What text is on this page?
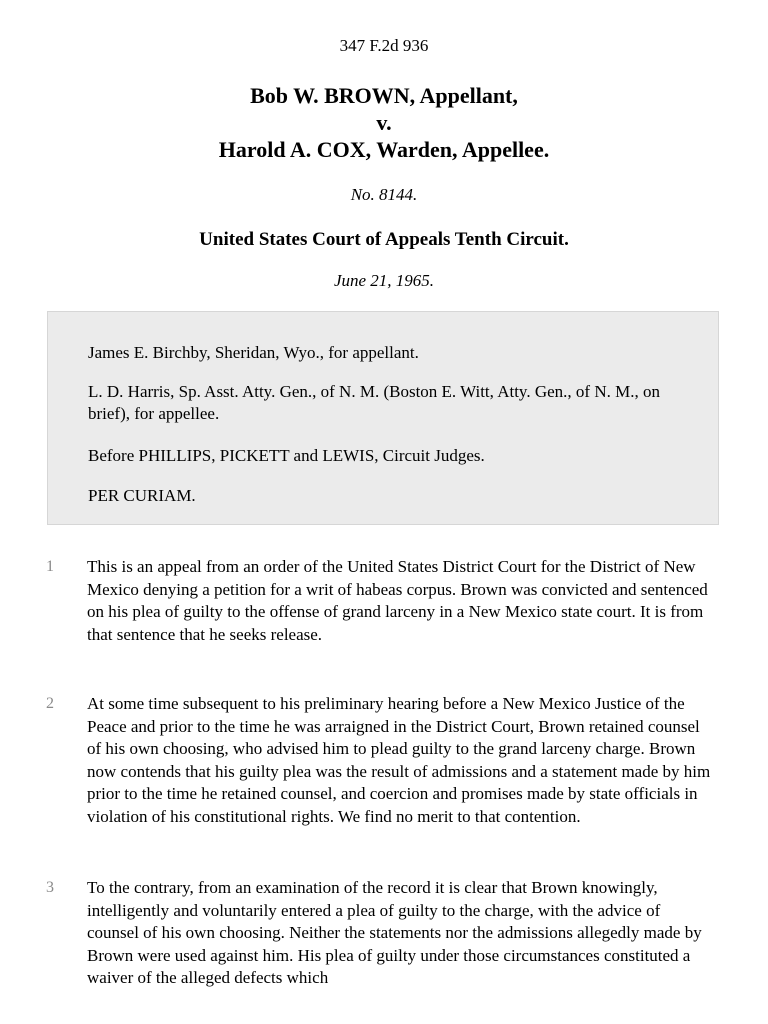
347 F.2d 936
Bob W. BROWN, Appellant,
v.
Harold A. COX, Warden, Appellee.
No. 8144.
United States Court of Appeals Tenth Circuit.
June 21, 1965.

James E. Birchby, Sheridan, Wyo., for appellant.

L. D. Harris, Sp. Asst. Atty. Gen., of N. M. (Boston E. Witt, Atty. Gen., of N. M., on brief), for appellee.

Before PHILLIPS, PICKETT and LEWIS, Circuit Judges.

PER CURIAM.

1 This is an appeal from an order of the United States District Court for the District of New Mexico denying a petition for a writ of habeas corpus. Brown was convicted and sentenced on his plea of guilty to the offense of grand larceny in a New Mexico state court. It is from that sentence that he seeks release.

2 At some time subsequent to his preliminary hearing before a New Mexico Justice of the Peace and prior to the time he was arraigned in the District Court, Brown retained counsel of his own choosing, who advised him to plead guilty to the grand larceny charge. Brown now contends that his guilty plea was the result of admissions and a statement made by him prior to the time he retained counsel, and coercion and promises made by state officials in violation of his constitutional rights. We find no merit to that contention.

3 To the contrary, from an examination of the record it is clear that Brown knowingly, intelligently and voluntarily entered a plea of guilty to the charge, with the advice of counsel of his own choosing. Neither the statements nor the admissions allegedly made by Brown were used against him. His plea of guilty under those circumstances constituted a waiver of the alleged defects which
